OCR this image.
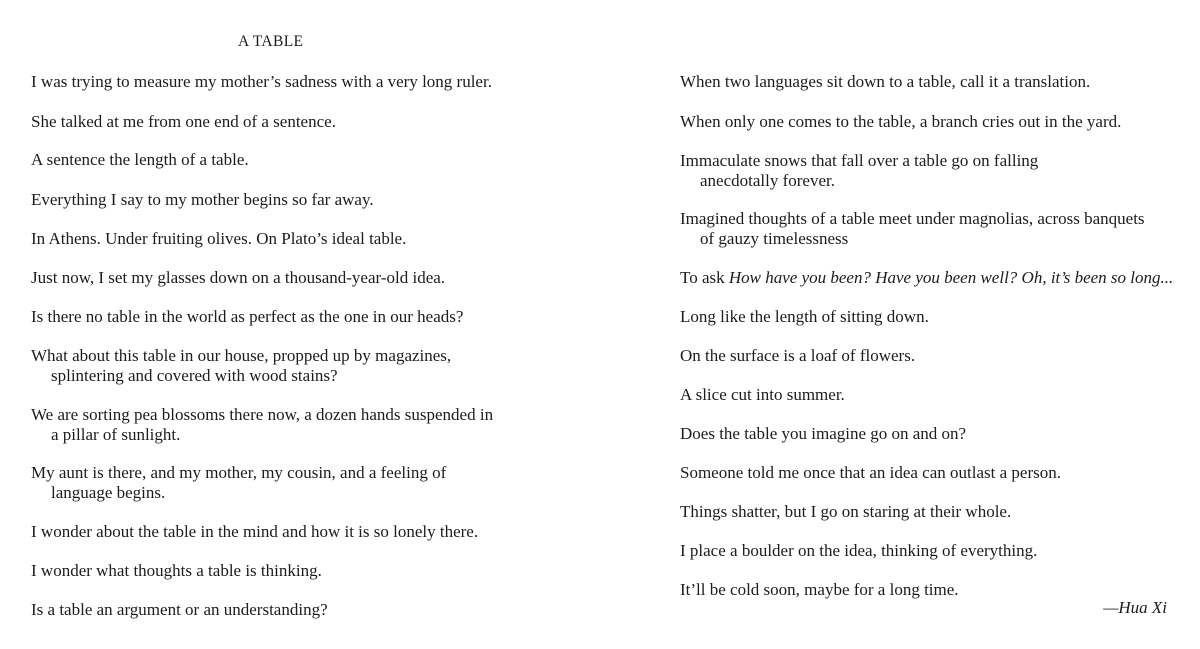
A TABLE
I was trying to measure my mother’s sadness with a very long ruler.
She talked at me from one end of a sentence.
A sentence the length of a table.
Everything I say to my mother begins so far away.
In Athens. Under fruiting olives. On Plato’s ideal table.
Just now, I set my glasses down on a thousand-year-old idea.
Is there no table in the world as perfect as the one in our heads?
What about this table in our house, propped up by magazines,
splintering and covered with wood stains?
We are sorting pea blossoms there now, a dozen hands suspended in
a pillar of sunlight.
My aunt is there, and my mother, my cousin, and a feeling of
language begins.
I wonder about the table in the mind and how it is so lonely there.
I wonder what thoughts a table is thinking.
Is a table an argument or an understanding?
When two languages sit down to a table, call it a translation.
When only one comes to the table, a branch cries out in the yard.
Immaculate snows that fall over a table go on falling
anecdotally forever.
Imagined thoughts of a table meet under magnolias, across banquets
of gauzy timelessness
To ask How have you been? Have you been well? Oh, it’s been so long...
Long like the length of sitting down.
On the surface is a loaf of flowers.
A slice cut into summer.
Does the table you imagine go on and on?
Someone told me once that an idea can outlast a person.
Things shatter, but I go on staring at their whole.
I place a boulder on the idea, thinking of everything.
It’ll be cold soon, maybe for a long time.
—Hua Xi
